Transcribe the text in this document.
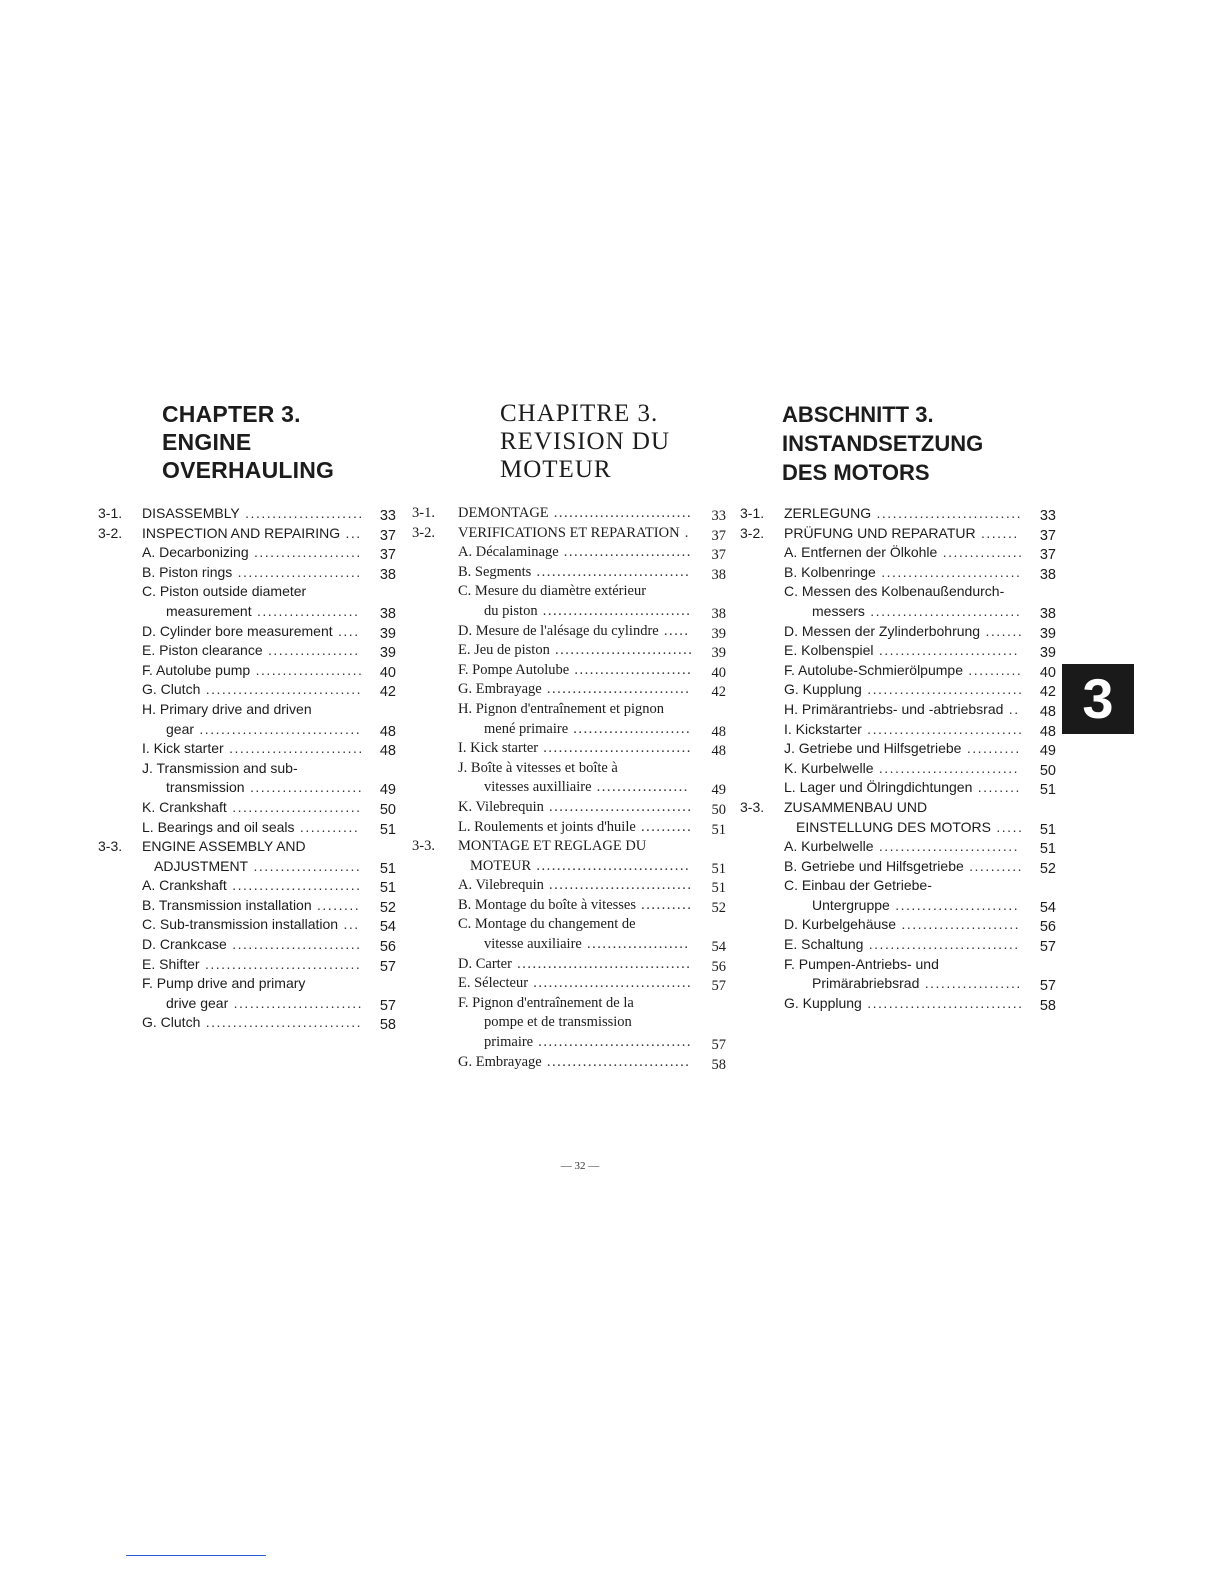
CHAPTER 3.
ENGINE
OVERHAULING
3-1. DISASSEMBLY ...................... 33
3-2. INSPECTION AND REPAIRING ... 37
A. Decarbonizing .................... 37
B. Piston rings ....................... 38
C. Piston outside diameter
measurement ................... 38
D. Cylinder bore measurement .... 39
E. Piston clearance ................. 39
F. Autolube pump .................... 40
G. Clutch ............................. 42
H. Primary drive and driven
gear .............................. 48
I. Kick starter ......................... 48
J. Transmission and sub-
transmission ..................... 49
K. Crankshaft ........................ 50
L. Bearings and oil seals ........... 51
3-3. ENGINE ASSEMBLY AND
ADJUSTMENT .................... 51
A. Crankshaft ........................ 51
B. Transmission installation ........ 52
C. Sub-transmission installation ... 54
D. Crankcase ........................ 56
E. Shifter ............................. 57
F. Pump drive and primary
drive gear ........................ 57
G. Clutch ............................. 58
CHAPITRE 3.
REVISION DU
MOTEUR
3-1. DEMONTAGE ........................... 33
3-2. VERIFICATIONS ET REPARATION . 37
A. Décalaminage ......................... 37
B. Segments .............................. 38
C. Mesure du diamètre extérieur
du piston ............................. 38
D. Mesure de l'alésage du cylindre ..... 39
E. Jeu de piston ........................... 39
F. Pompe Autolube ....................... 40
G. Embrayage ............................ 42
H. Pignon d'entraînement et pignon
mené primaire ....................... 48
I. Kick starter ............................. 48
J. Boîte à vitesses et boîte à
vitesses auxilliaire .................. 49
K. Vilebrequin ............................ 50
L. Roulements et joints d'huile .......... 51
3-3. MONTAGE ET REGLAGE DU
MOTEUR .............................. 51
A. Vilebrequin ............................ 51
B. Montage du boîte à vitesses .......... 52
C. Montage du changement de
vitesse auxiliaire .................... 54
D. Carter .................................. 56
E. Sélecteur ............................... 57
F. Pignon d'entraînement de la
pompe et de transmission
primaire .............................. 57
G. Embrayage ............................ 58
ABSCHNITT 3.
INSTANDSETZUNG
DES MOTORS
3-1. ZERLEGUNG ........................... 33
3-2. PRÜFUNG UND REPARATUR ....... 37
A. Entfernen der Ölkohle ............... 37
B. Kolbenringe .......................... 38
C. Messen des Kolbenaußendurch-
messers ............................ 38
D. Messen der Zylinderbohrung ....... 39
E. Kolbenspiel .......................... 39
F. Autolube-Schmierölpumpe .......... 40
G. Kupplung ............................. 42
H. Primärantriebs- und -abtriebsrad .. 48
I. Kickstarter ............................. 48
J. Getriebe und Hilfsgetriebe .......... 49
K. Kurbelwelle .......................... 50
L. Lager und Ölringdichtungen ........ 51
3-3. ZUSAMMENBAU UND
EINSTELLUNG DES MOTORS ..... 51
A. Kurbelwelle .......................... 51
B. Getriebe und Hilfsgetriebe .......... 52
C. Einbau der Getriebe-
Untergruppe ....................... 54
D. Kurbelgehäuse ...................... 56
E. Schaltung ............................ 57
F. Pumpen-Antriebs- und
Primärabriebsrad .................. 57
G. Kupplung ............................. 58
3
— 32 —
